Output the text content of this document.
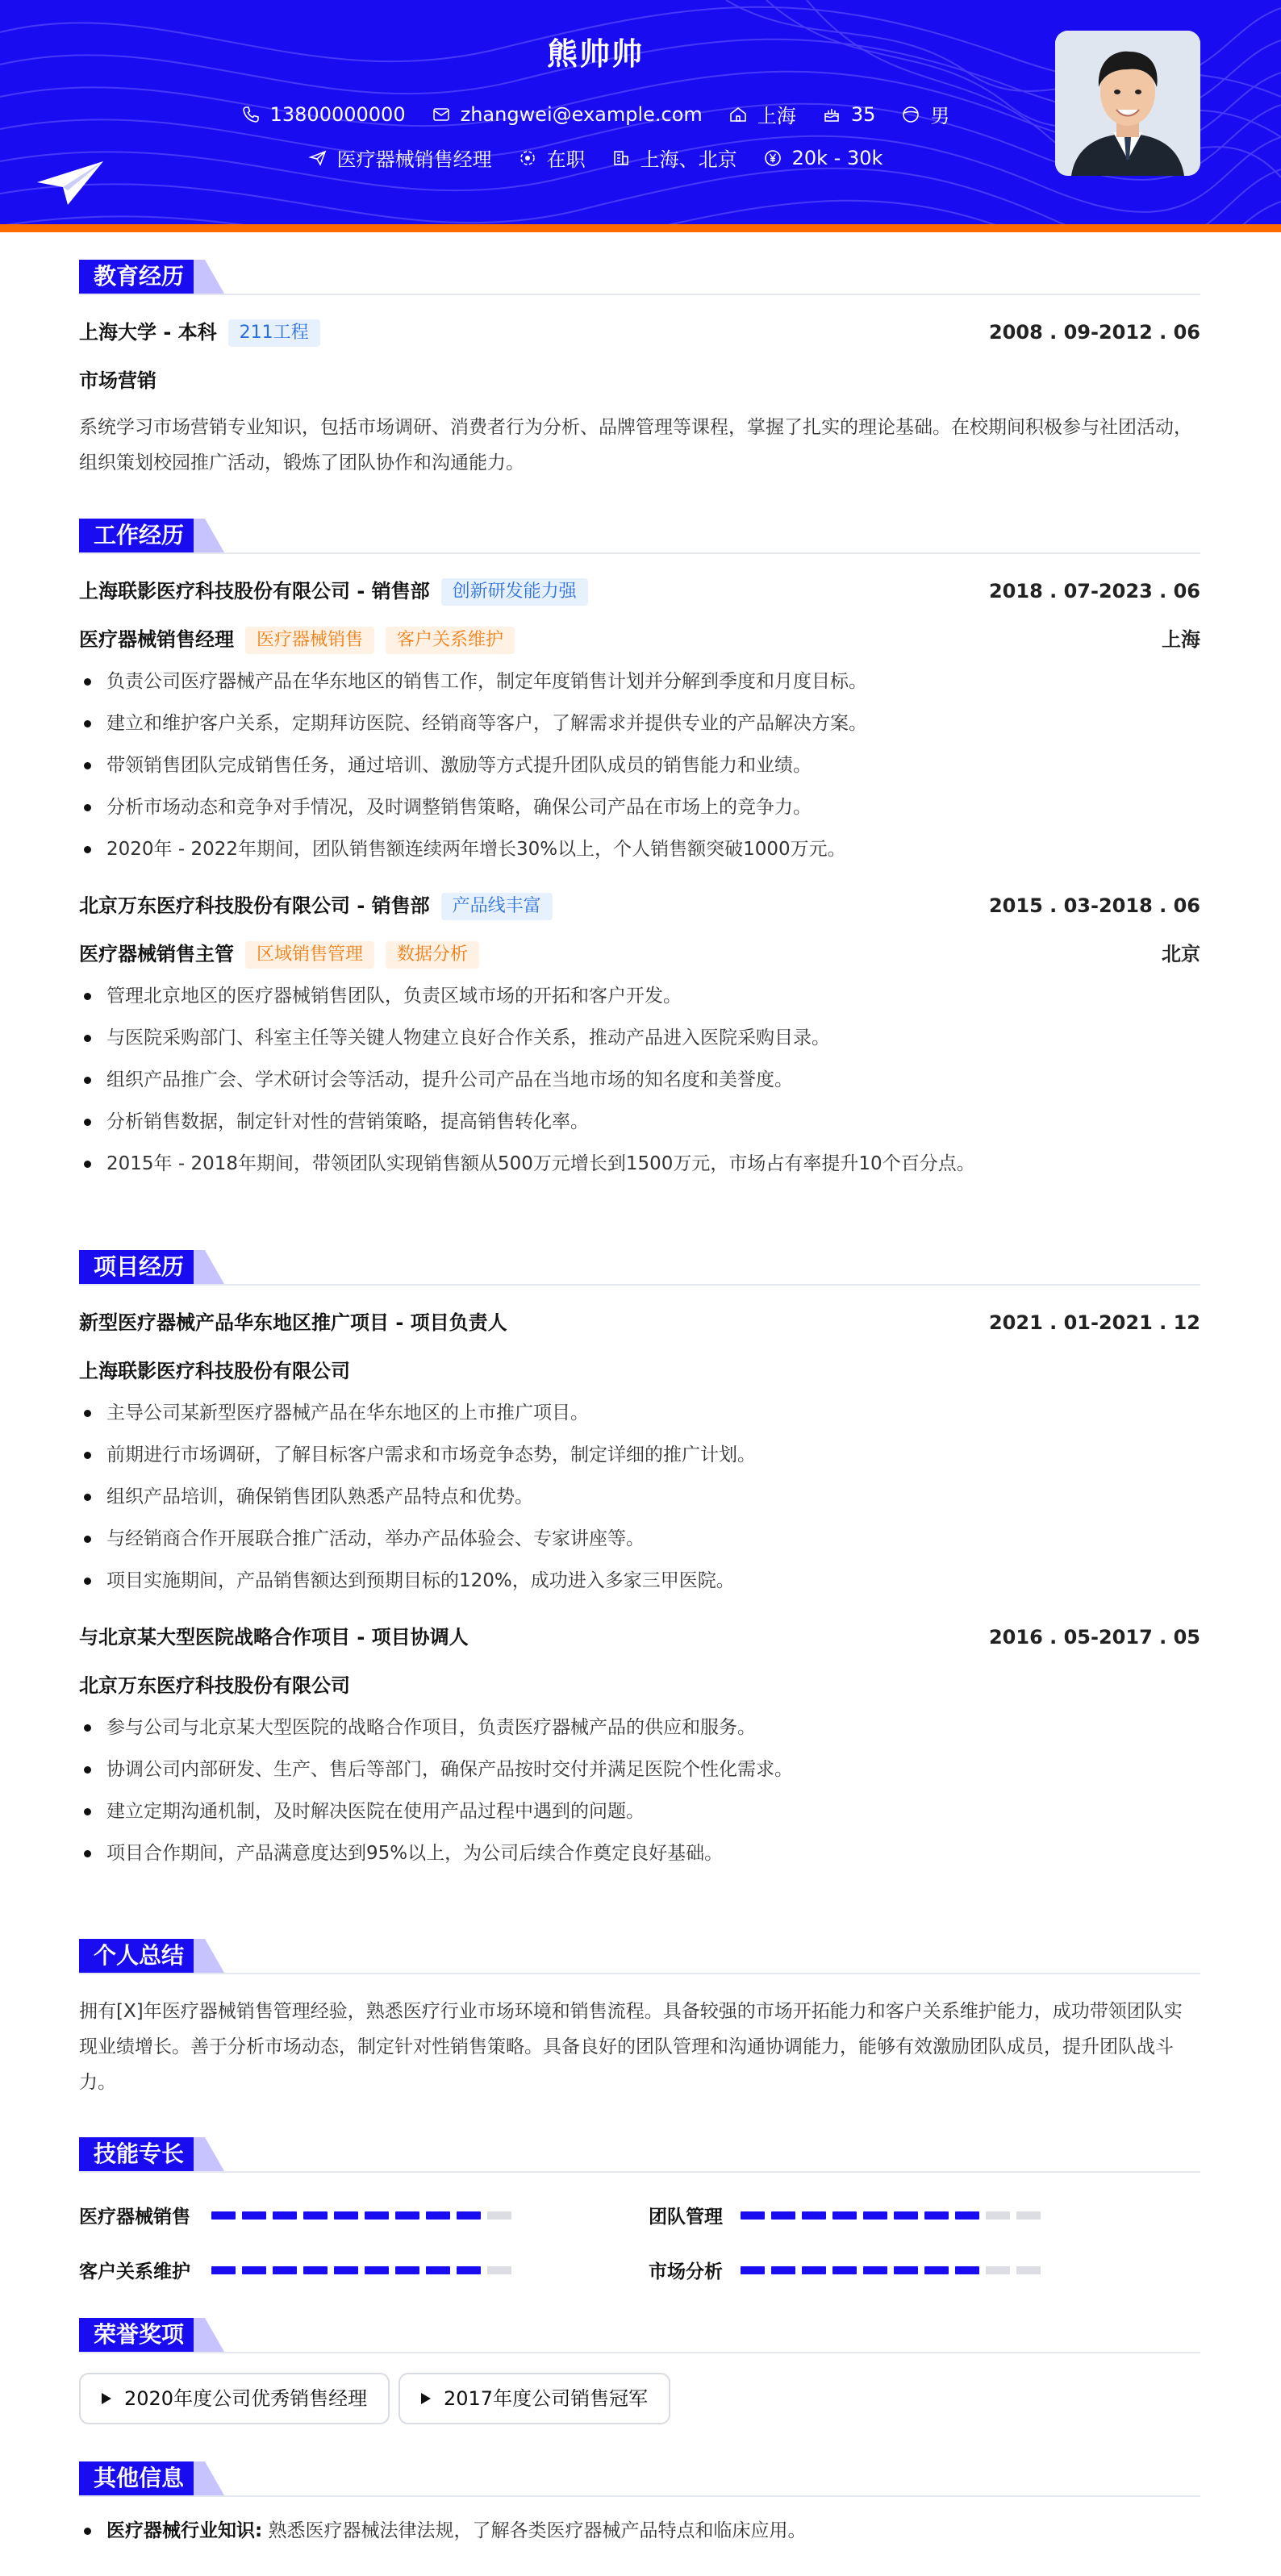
熊帅帅
13800000000	zhangwei@example.com	上海	35	男
医疗器械销售经理	在职	上海、北京	20k - 30k
教育经历
上海大学 - 本科 211工程	2008 . 09-2012 . 06
市场营销
系统学习市场营销专业知识，包括市场调研、消费者行为分析、品牌管理等课程，掌握了扎实的理论基础。在校期间积极参与社团活动，组织策划校园推广活动，锻炼了团队协作和沟通能力。
工作经历
上海联影医疗科技股份有限公司 - 销售部 创新研发能力强	2018 . 07-2023 . 06
医疗器械销售经理 医疗器械销售 客户关系维护	上海
负责公司医疗器械产品在华东地区的销售工作，制定年度销售计划并分解到季度和月度目标。
建立和维护客户关系，定期拜访医院、经销商等客户，了解需求并提供专业的产品解决方案。
带领销售团队完成销售任务，通过培训、激励等方式提升团队成员的销售能力和业绩。
分析市场动态和竞争对手情况，及时调整销售策略，确保公司产品在市场上的竞争力。
2020年 - 2022年期间，团队销售额连续两年增长30%以上，个人销售额突破1000万元。
北京万东医疗科技股份有限公司 - 销售部 产品线丰富	2015 . 03-2018 . 06
医疗器械销售主管 区域销售管理 数据分析	北京
管理北京地区的医疗器械销售团队，负责区域市场的开拓和客户开发。
与医院采购部门、科室主任等关键人物建立良好合作关系，推动产品进入医院采购目录。
组织产品推广会、学术研讨会等活动，提升公司产品在当地市场的知名度和美誉度。
分析销售数据，制定针对性的营销策略，提高销售转化率。
2015年 - 2018年期间，带领团队实现销售额从500万元增长到1500万元，市场占有率提升10个百分点。
项目经历
新型医疗器械产品华东地区推广项目 - 项目负责人	2021 . 01-2021 . 12
上海联影医疗科技股份有限公司
主导公司某新型医疗器械产品在华东地区的上市推广项目。
前期进行市场调研，了解目标客户需求和市场竞争态势，制定详细的推广计划。
组织产品培训，确保销售团队熟悉产品特点和优势。
与经销商合作开展联合推广活动，举办产品体验会、专家讲座等。
项目实施期间，产品销售额达到预期目标的120%，成功进入多家三甲医院。
与北京某大型医院战略合作项目 - 项目协调人	2016 . 05-2017 . 05
北京万东医疗科技股份有限公司
参与公司与北京某大型医院的战略合作项目，负责医疗器械产品的供应和服务。
协调公司内部研发、生产、售后等部门，确保产品按时交付并满足医院个性化需求。
建立定期沟通机制，及时解决医院在使用产品过程中遇到的问题。
项目合作期间，产品满意度达到95%以上，为公司后续合作奠定良好基础。
个人总结
拥有[X]年医疗器械销售管理经验，熟悉医疗行业市场环境和销售流程。具备较强的市场开拓能力和客户关系维护能力，成功带领团队实现业绩增长。善于分析市场动态，制定针对性销售策略。具备良好的团队管理和沟通协调能力，能够有效激励团队成员，提升团队战斗力。
技能专长
医疗器械销售	团队管理
客户关系维护	市场分析
荣誉奖项
2020年度公司优秀销售经理	2017年度公司销售冠军
其他信息
医疗器械行业知识: 熟悉医疗器械法律法规，了解各类医疗器械产品特点和临床应用。
